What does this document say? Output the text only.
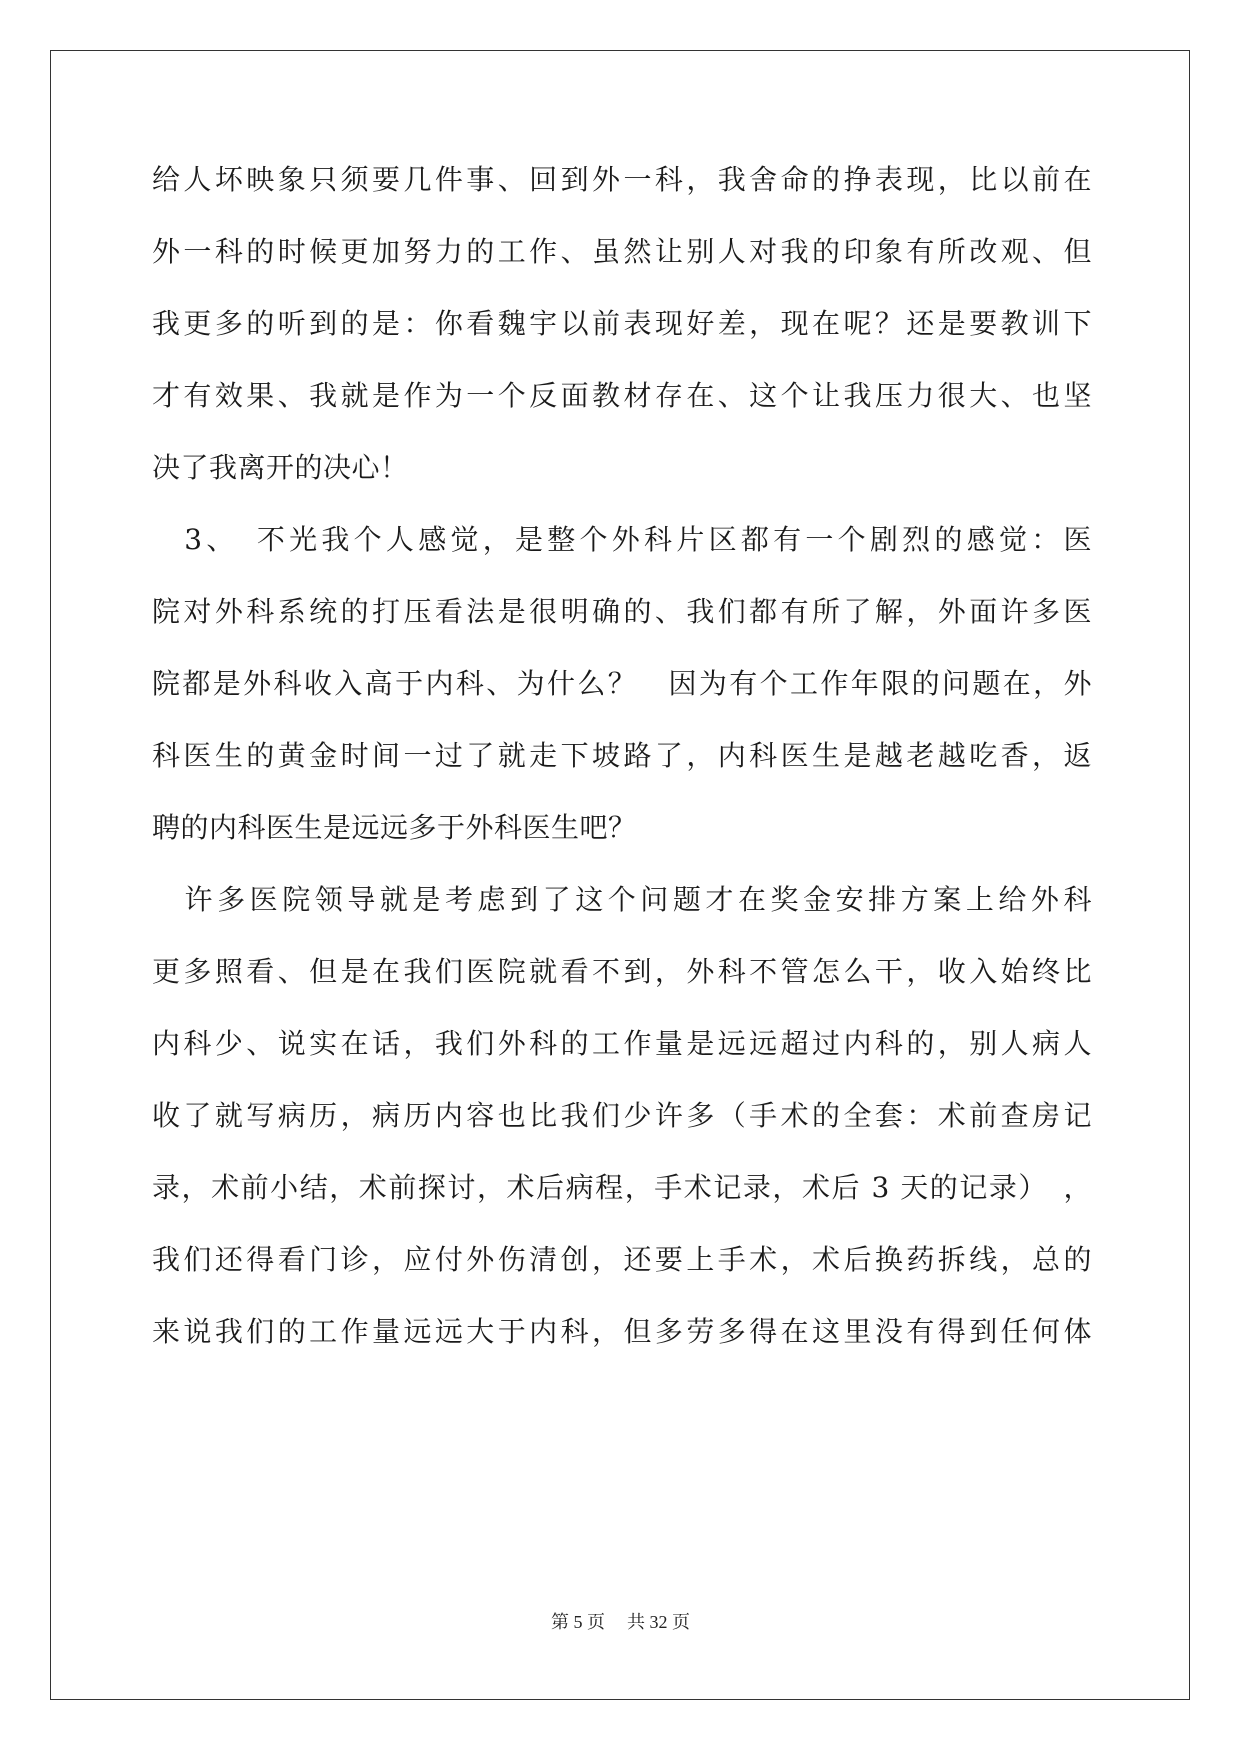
给人坏映象只须要几件事、回到外一科，我舍命的挣表现，比以前在
外一科的时候更加努力的工作、虽然让别人对我的印象有所改观、但
我更多的听到的是：你看魏宇以前表现好差，现在呢？还是要教训下
才有效果、我就是作为一个反面教材存在、这个让我压力很大、也坚
决了我离开的决心！
　3、　不光我个人感觉，是整个外科片区都有一个剧烈的感觉：医
院对外科系统的打压看法是很明确的、我们都有所了解，外面许多医
院都是外科收入高于内科、为什么？　因为有个工作年限的问题在，外
科医生的黄金时间一过了就走下坡路了，内科医生是越老越吃香，返
聘的内科医生是远远多于外科医生吧？
　许多医院领导就是考虑到了这个问题才在奖金安排方案上给外科
更多照看、但是在我们医院就看不到，外科不管怎么干，收入始终比
内科少、说实在话，我们外科的工作量是远远超过内科的，别人病人
收了就写病历，病历内容也比我们少许多（手术的全套：术前查房记
录，术前小结，术前探讨，术后病程，手术记录，术后 3 天的记录）　，
我们还得看门诊，应付外伤清创，还要上手术，术后换药拆线，总的
来说我们的工作量远远大于内科，但多劳多得在这里没有得到任何体
第 5 页 共 32 页
